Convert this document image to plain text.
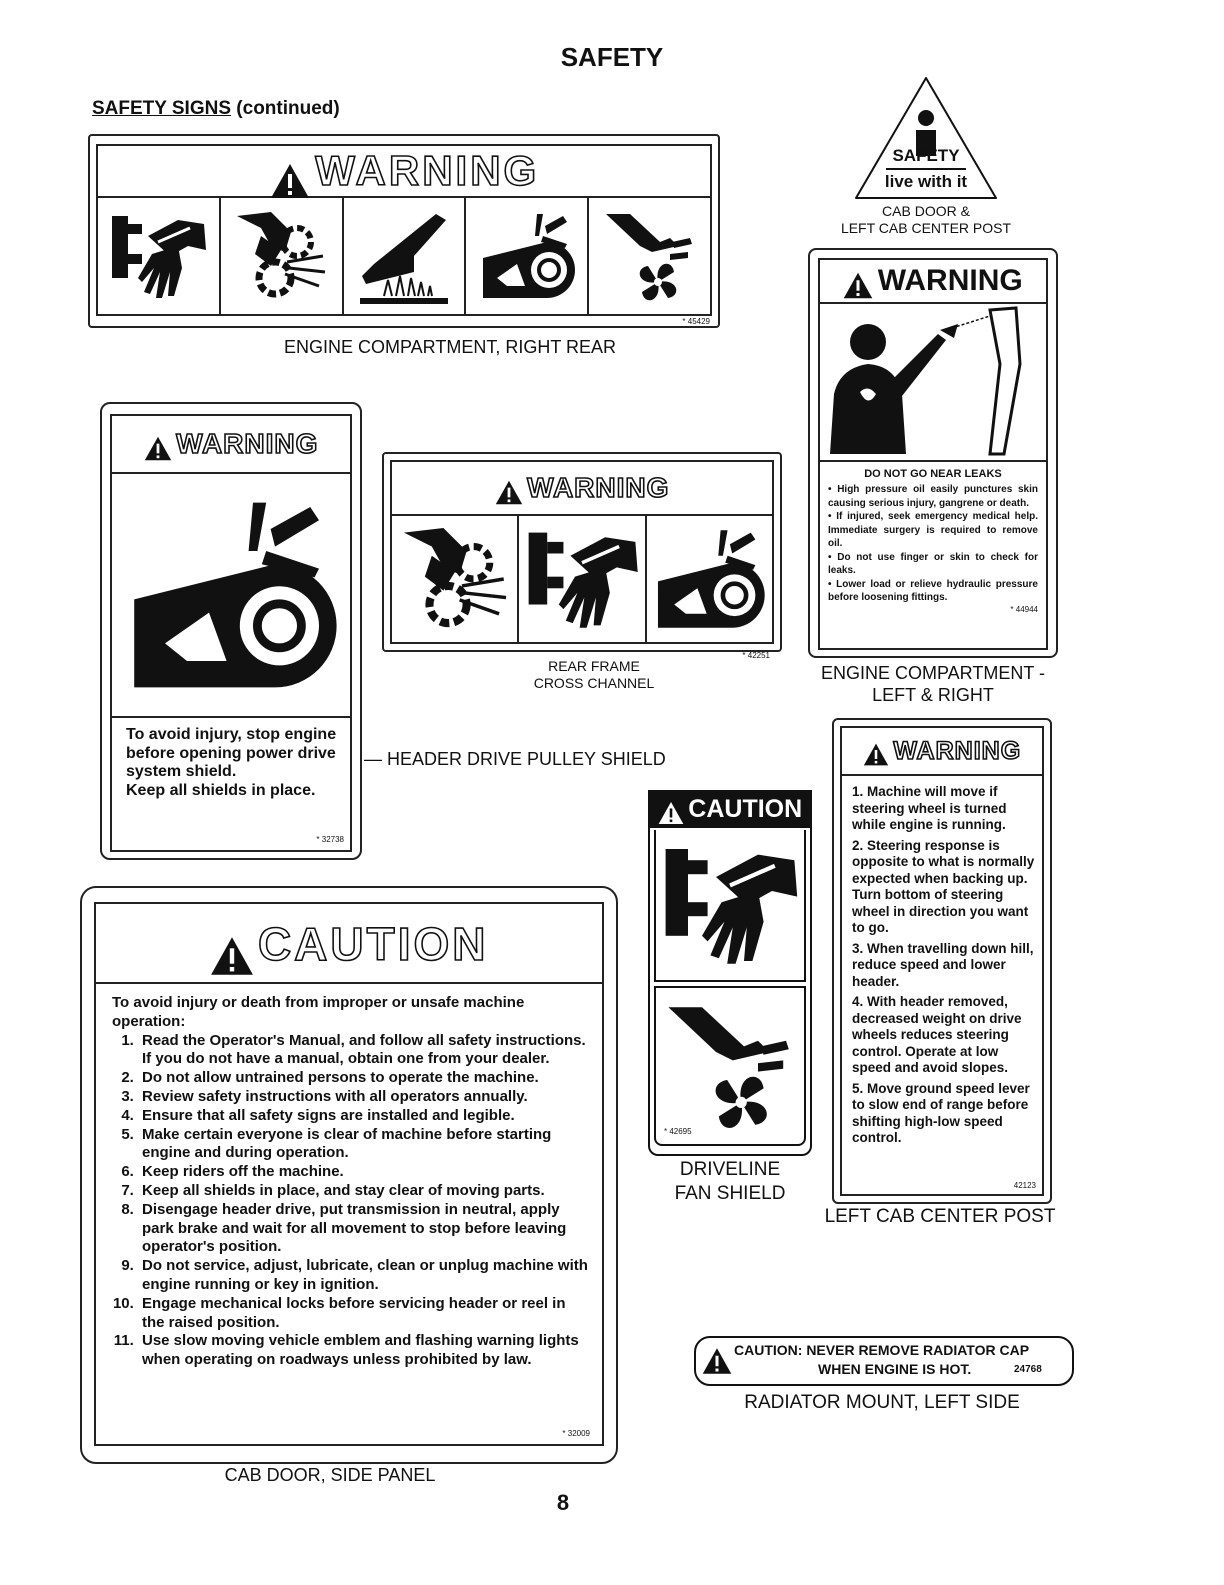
SAFETY
SAFETY SIGNS (continued)
WARNING
* 45429
ENGINE COMPARTMENT, RIGHT REAR
SAFETY
live with it
CAB DOOR &
LEFT CAB CENTER POST
WARNING
DO NOT GO NEAR LEAKS

• High pressure oil easily punctures skin causing serious injury, gangrene or death.

• If injured, seek emergency medical help. Immediate surgery is required to remove oil.

• Do not use finger or skin to check for leaks.

• Lower load or relieve hydraulic pressure before loosening fittings.

* 44944
ENGINE COMPARTMENT -
LEFT & RIGHT
WARNING
To avoid injury, stop engine before opening power drive system shield.
Keep all shields in place.
* 32738
— HEADER DRIVE PULLEY SHIELD
WARNING
* 42251
REAR FRAME
CROSS CHANNEL
CAUTION
* 42695
DRIVELINE
FAN SHIELD
WARNING

1. Machine will move if steering wheel is turned while engine is running.

2. Steering response is opposite to what is normally expected when backing up. Turn bottom of steering wheel in direction you want to go.

3. When travelling down hill, reduce speed and lower header.

4. With header removed, decreased weight on drive wheels reduces steering control. Operate at low speed and avoid slopes.

5. Move ground speed lever to slow end of range before shifting high-low speed control.

42123
LEFT CAB CENTER POST
CAUTION
To avoid injury or death from improper or unsafe machine operation:
1. Read the Operator's Manual, and follow all safety instructions. If you do not have a manual, obtain one from your dealer.
2. Do not allow untrained persons to operate the machine.
3. Review safety instructions with all operators annually.
4. Ensure that all safety signs are installed and legible.
5. Make certain everyone is clear of machine before starting engine and during operation.
6. Keep riders off the machine.
7. Keep all shields in place, and stay clear of moving parts.
8. Disengage header drive, put transmission in neutral, apply park brake and wait for all movement to stop before leaving operator's position.
9. Do not service, adjust, lubricate, clean or unplug machine with engine running or key in ignition.
10. Engage mechanical locks before servicing header or reel in the raised position.
11. Use slow moving vehicle emblem and flashing warning lights when operating on roadways unless prohibited by law.
* 32009
CAB DOOR, SIDE PANEL
CAUTION: NEVER REMOVE RADIATOR CAP
WHEN ENGINE IS HOT.	24768
RADIATOR MOUNT, LEFT SIDE
8
